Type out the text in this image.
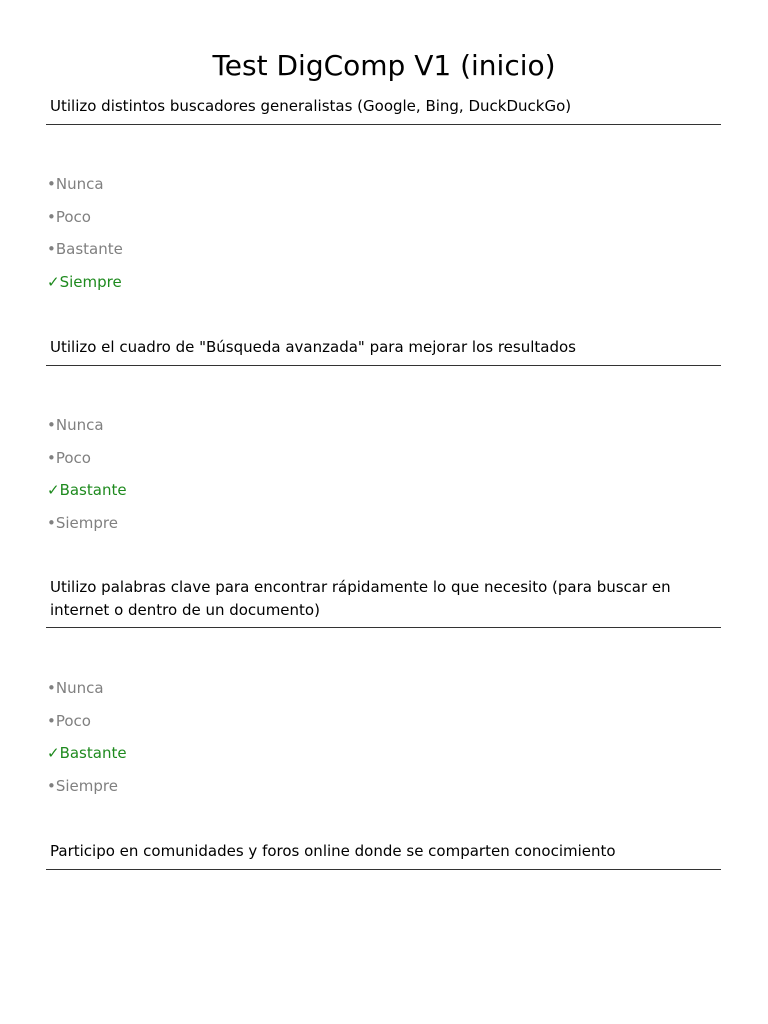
Test DigComp V1 (inicio)
Utilizo distintos buscadores generalistas (Google, Bing, DuckDuckGo)
•Nunca
•Poco
•Bastante
✓Siempre
Utilizo el cuadro de "Búsqueda avanzada" para mejorar los resultados
•Nunca
•Poco
✓Bastante
•Siempre
Utilizo palabras clave para encontrar rápidamente lo que necesito (para buscar en internet o dentro de un documento)
•Nunca
•Poco
✓Bastante
•Siempre
Participo en comunidades y foros online donde se comparten conocimiento
